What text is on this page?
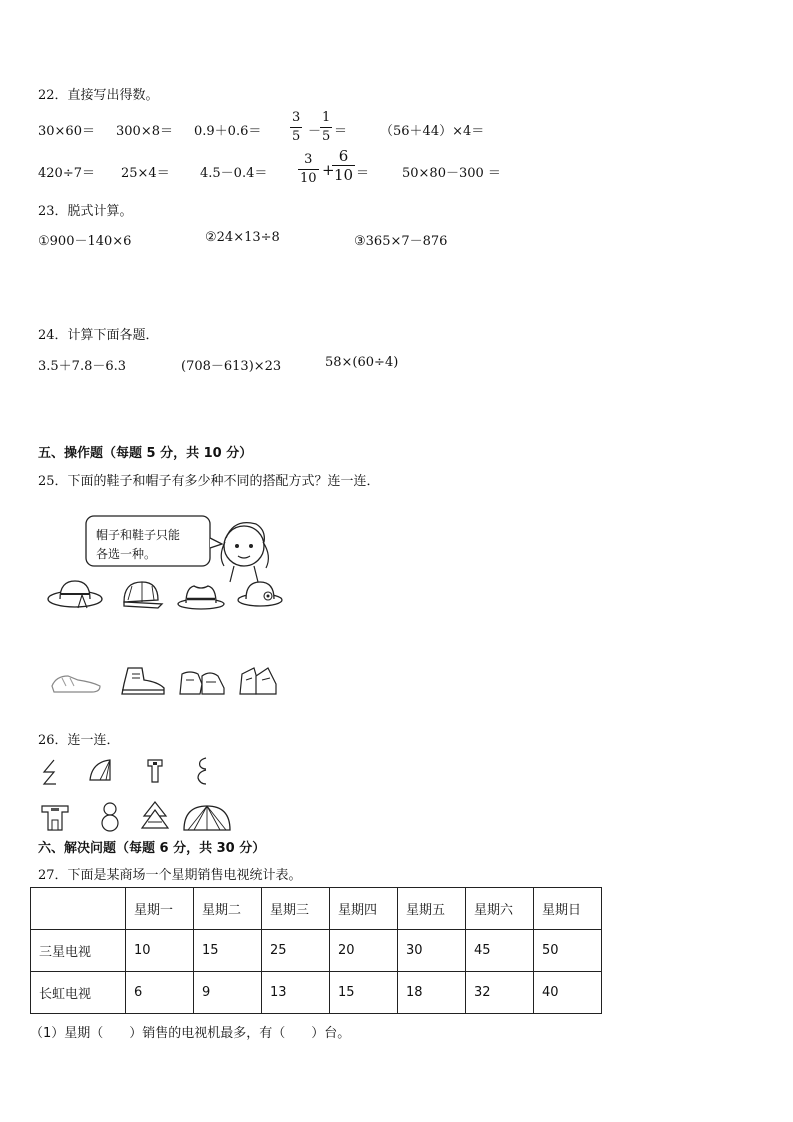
22．直接写出得数。
30×60＝ 300×8＝ 0.9＋0.6＝
3
5 －
1
5 ＝	（56＋44）×4＝
420÷7＝ 25×4＝ 4.5－0.4＝
3
10 +
6
10 ＝	50×80－300 ＝
23．脱式计算。
①900－140×6	②24×13÷8	③365×7－876
24．计算下面各题．
3.5＋7.8－6.3	(708－613)×23	58×(60÷4)
五、操作题（每题 5 分，共 10 分）
25．下面的鞋子和帽子有多少种不同的搭配方式？连一连．
帽子和鞋子只能
各选一种。
26．连一连．
六、解决问题（每题 6 分，共 30 分）
27．下面是某商场一个星期销售电视统计表。
	星期一	星期二	星期三	星期四	星期五	星期六	星期日
三星电视	10	15	25	20	30	45	50
长虹电视	6	9	13	15	18	32	40
（1）星期（　　）销售的电视机最多，有（　　）台。
